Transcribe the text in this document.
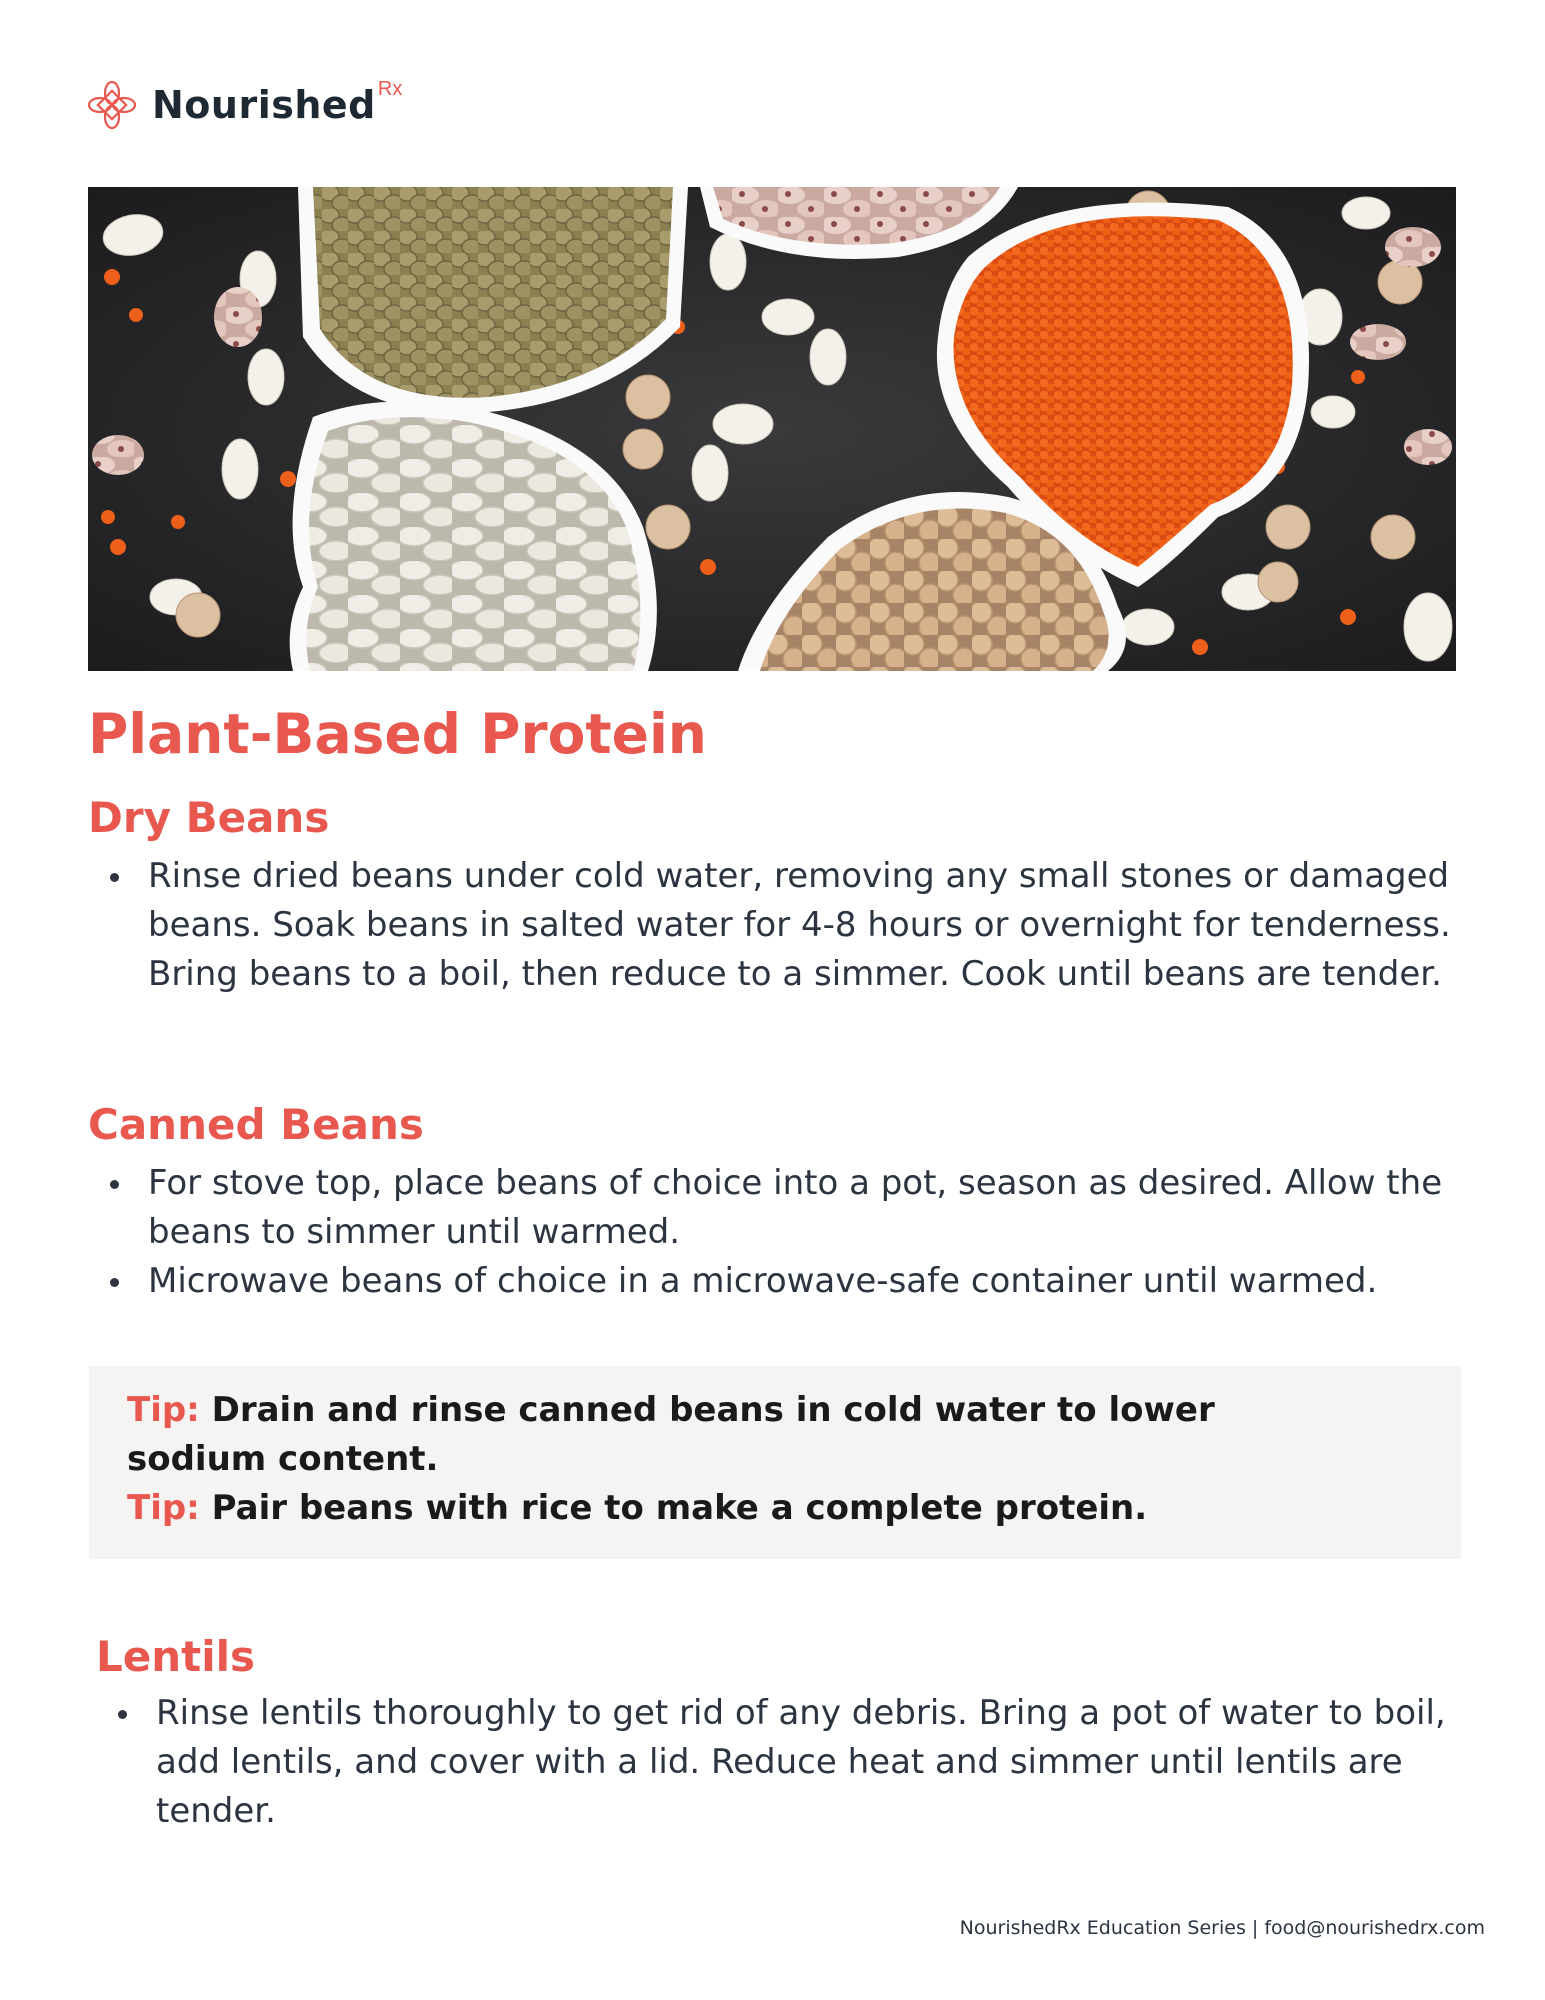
Nourished Rx
Plant-Based Protein
Dry Beans
Rinse dried beans under cold water, removing any small stones or damaged beans. Soak beans in salted water for 4-8 hours or overnight for tenderness. Bring beans to a boil, then reduce to a simmer. Cook until beans are tender.
Canned Beans
For stove top, place beans of choice into a pot, season as desired. Allow the beans to simmer until warmed.
Microwave beans of choice in a microwave-safe container until warmed.

Tip: Drain and rinse canned beans in cold water to lower sodium content.

Tip: Pair beans with rice to make a complete protein.

Lentils
Rinse lentils thoroughly to get rid of any debris. Bring a pot of water to boil, add lentils, and cover with a lid. Reduce heat and simmer until lentils are tender.
NourishedRx Education Series | food@nourishedrx.com
